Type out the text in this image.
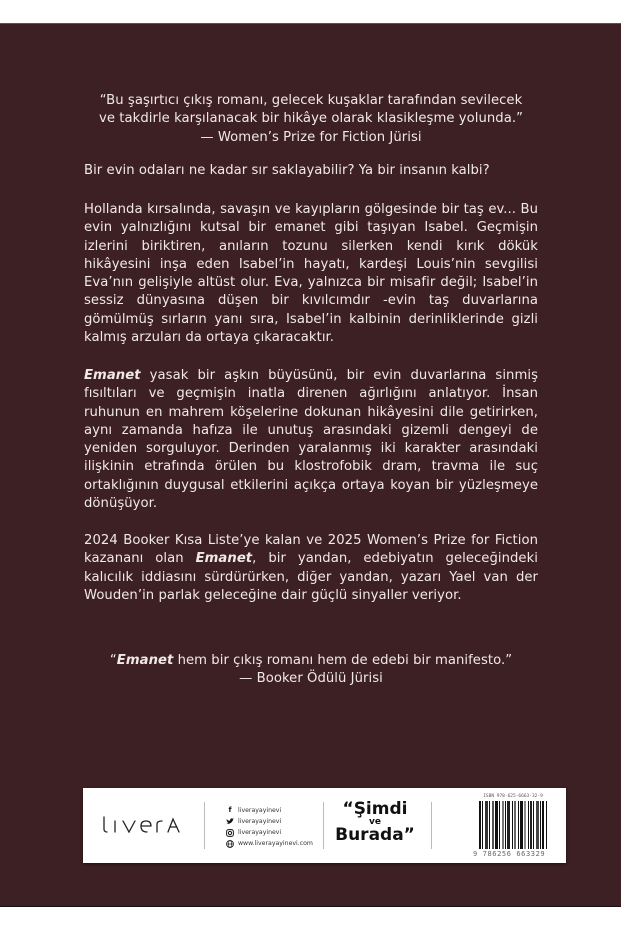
“Bu şaşırtıcı çıkış romanı, gelecek kuşaklar tarafından sevilecek
ve takdirle karşılanacak bir hikâye olarak klasikleşme yolunda.”
— Women’s Prize for Fiction Jürisi
Bir evin odaları ne kadar sır saklayabilir? Ya bir insanın kalbi?
Hollanda kırsalında, savaşın ve kayıpların gölgesinde bir taş ev... Bu evin yalnızlığını kutsal bir emanet gibi taşıyan Isabel. Geçmişin izlerini biriktiren, anıların tozunu silerken kendi kırık dökük hikâyesini inşa eden Isabel’in hayatı, kardeşi Louis’nin sevgilisi Eva’nın gelişiyle altüst olur. Eva, yalnızca bir misafir değil; Isabel’in sessiz dünyasına düşen bir kıvılcımdır -evin taş duvarlarına gömülmüş sırların yanı sıra, Isabel’in kalbinin derinliklerinde gizli kalmış arzuları da ortaya çıkaracaktır.
Emanet yasak bir aşkın büyüsünü, bir evin duvarlarına sinmiş fısıltıları ve geçmişin inatla direnen ağırlığını anlatıyor. İnsan ruhunun en mahrem köşelerine dokunan hikâyesini dile getirirken, aynı zamanda hafıza ile unutuş arasındaki gizemli dengeyi de yeniden sorguluyor. Derinden yaralanmış iki karakter arasındaki ilişkinin etrafında örülen bu klostrofobik dram, travma ile suç ortaklığının duygusal etkilerini açıkça ortaya koyan bir yüzleşmeye dönüşüyor.
2024 Booker Kısa Liste’ye kalan ve 2025 Women’s Prize for Fiction kazananı olan Emanet, bir yandan, edebiyatın geleceğindeki kalıcılık iddiasını sürdürürken, diğer yandan, yazarı Yael van der Wouden’in parlak geleceğine dair güçlü sinyaller veriyor.
“Emanet hem bir çıkış romanı hem de edebi bir manifesto.”
— Booker Ödülü Jürisi
f	liverayayinevi
liverayayinevi
liverayayinevi
www.liverayayinevi.com
“Şimdi
ve
Burada”
ISBN 978-625-6663-32-9
9 786256 663329
